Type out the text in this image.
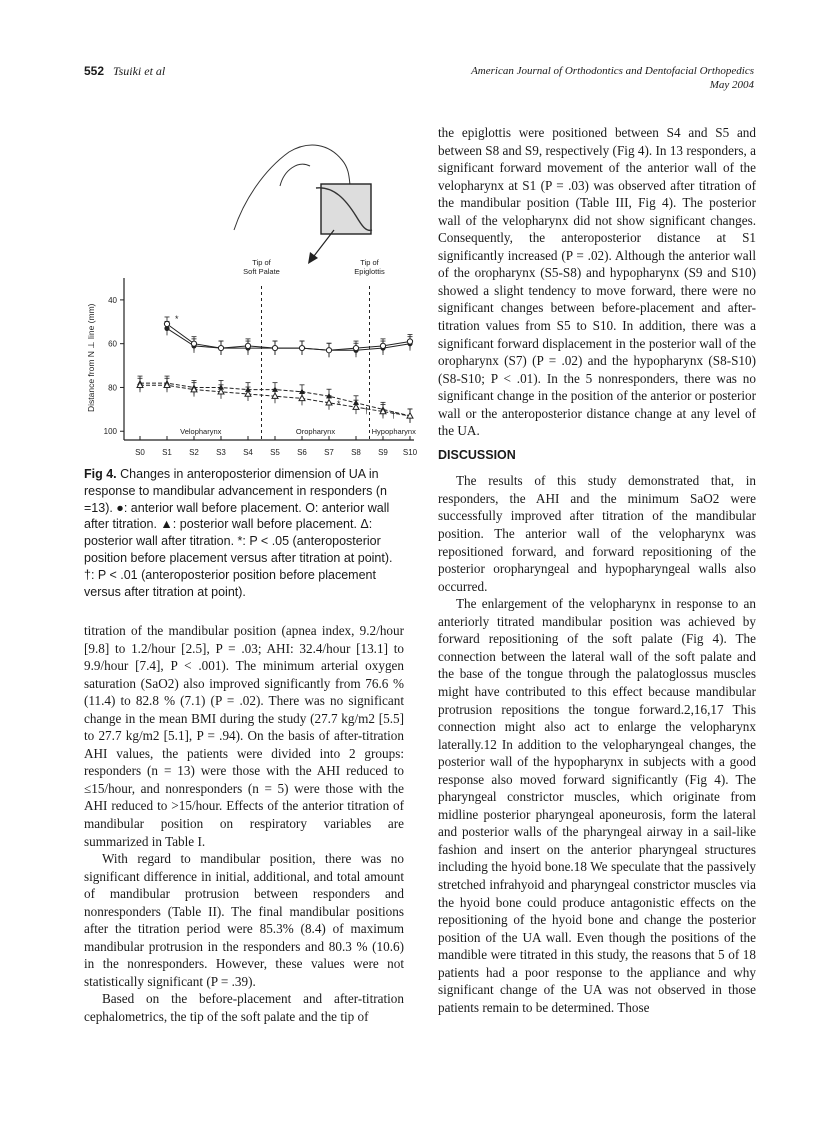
552 Tsuiki et al	American Journal of Orthodontics and Dentofacial Orthopedics
May 2004
40
60
80
100
S0 S1 S2 S3 S4 S5 S6 S7 S8 S9 S10
Distance from N ⊥ line (mm)
Tip of Soft Palate
Tip of Epiglottis
*
*
† †
Velopharynx	Oropharynx	Hypopharynx
Fig 4. Changes in anteroposterior dimension of UA in response to mandibular advancement in responders (n =13). ●: anterior wall before placement. O: anterior wall after titration. ▲: posterior wall before placement. Δ: posterior wall after titration. *: P < .05 (anteroposterior position before placement versus after titration at point). †: P < .01 (anteroposterior position before placement versus after titration at point).

titration of the mandibular position (apnea index, 9.2/hour [9.8] to 1.2/hour [2.5], P = .03; AHI: 32.4/hour [13.1] to 9.9/hour [7.4], P < .001). The minimum arterial oxygen saturation (SaO2) also improved significantly from 76.6 % (11.4) to 82.8 % (7.1) (P = .02). There was no significant change in the mean BMI during the study (27.7 kg/m2 [5.5] to 27.7 kg/m2 [5.1], P = .94). On the basis of after-titration AHI values, the patients were divided into 2 groups: responders (n = 13) were those with the AHI reduced to ≤15/hour, and nonresponders (n = 5) were those with the AHI reduced to >15/hour. Effects of the anterior titration of mandibular position on respiratory variables are summarized in Table I.

With regard to mandibular position, there was no significant difference in initial, additional, and total amount of mandibular protrusion between responders and nonresponders (Table II). The final mandibular positions after the titration period were 85.3% (8.4) of maximum mandibular protrusion in the responders and 80.3 % (10.6) in the nonresponders. However, these values were not statistically significant (P = .39).

Based on the before-placement and after-titration cephalometrics, the tip of the soft palate and the tip of

the epiglottis were positioned between S4 and S5 and between S8 and S9, respectively (Fig 4). In 13 responders, a significant forward movement of the anterior wall of the velopharynx at S1 (P = .03) was observed after titration of the mandibular position (Table III, Fig 4). The posterior wall of the velopharynx did not show significant changes. Consequently, the anteroposterior distance at S1 significantly increased (P = .02). Although the anterior wall of the oropharynx (S5-S8) and hypopharynx (S9 and S10) showed a slight tendency to move forward, there were no significant changes between before-placement and after-titration values from S5 to S10. In addition, there was a significant forward displacement in the posterior wall of the oropharynx (S7) (P = .02) and the hypopharynx (S8-S10) (S8-S10; P < .01). In the 5 nonresponders, there was no significant change in the position of the anterior or posterior wall or the anteroposterior distance change at any level of the UA.

DISCUSSION

The results of this study demonstrated that, in responders, the AHI and the minimum SaO2 were successfully improved after titration of the mandibular position. The anterior wall of the velopharynx was repositioned forward, and forward repositioning of the posterior oropharyngeal and hypopharyngeal walls also occurred.

The enlargement of the velopharynx in response to an anteriorly titrated mandibular position was achieved by forward repositioning of the soft palate (Fig 4). The connection between the lateral wall of the soft palate and the base of the tongue through the palatoglossus muscles might have contributed to this effect because mandibular protrusion repositions the tongue forward.2,16,17 This connection might also act to enlarge the velopharynx laterally.12 In addition to the velopharyngeal changes, the posterior wall of the hypopharynx in subjects with a good response also moved forward significantly (Fig 4). The pharyngeal constrictor muscles, which originate from midline posterior pharyngeal aponeurosis, form the lateral and posterior walls of the pharyngeal airway in a sail-like fashion and insert on the anterior pharyngeal structures including the hyoid bone.18 We speculate that the passively stretched infrahyoid and pharyngeal constrictor muscles via the hyoid bone could produce antagonistic effects on the repositioning of the hyoid bone and change the posterior position of the UA wall. Even though the positions of the mandible were titrated in this study, the reasons that 5 of 18 patients had a poor response to the appliance and why significant change of the UA was not observed in those patients remain to be determined. Those
